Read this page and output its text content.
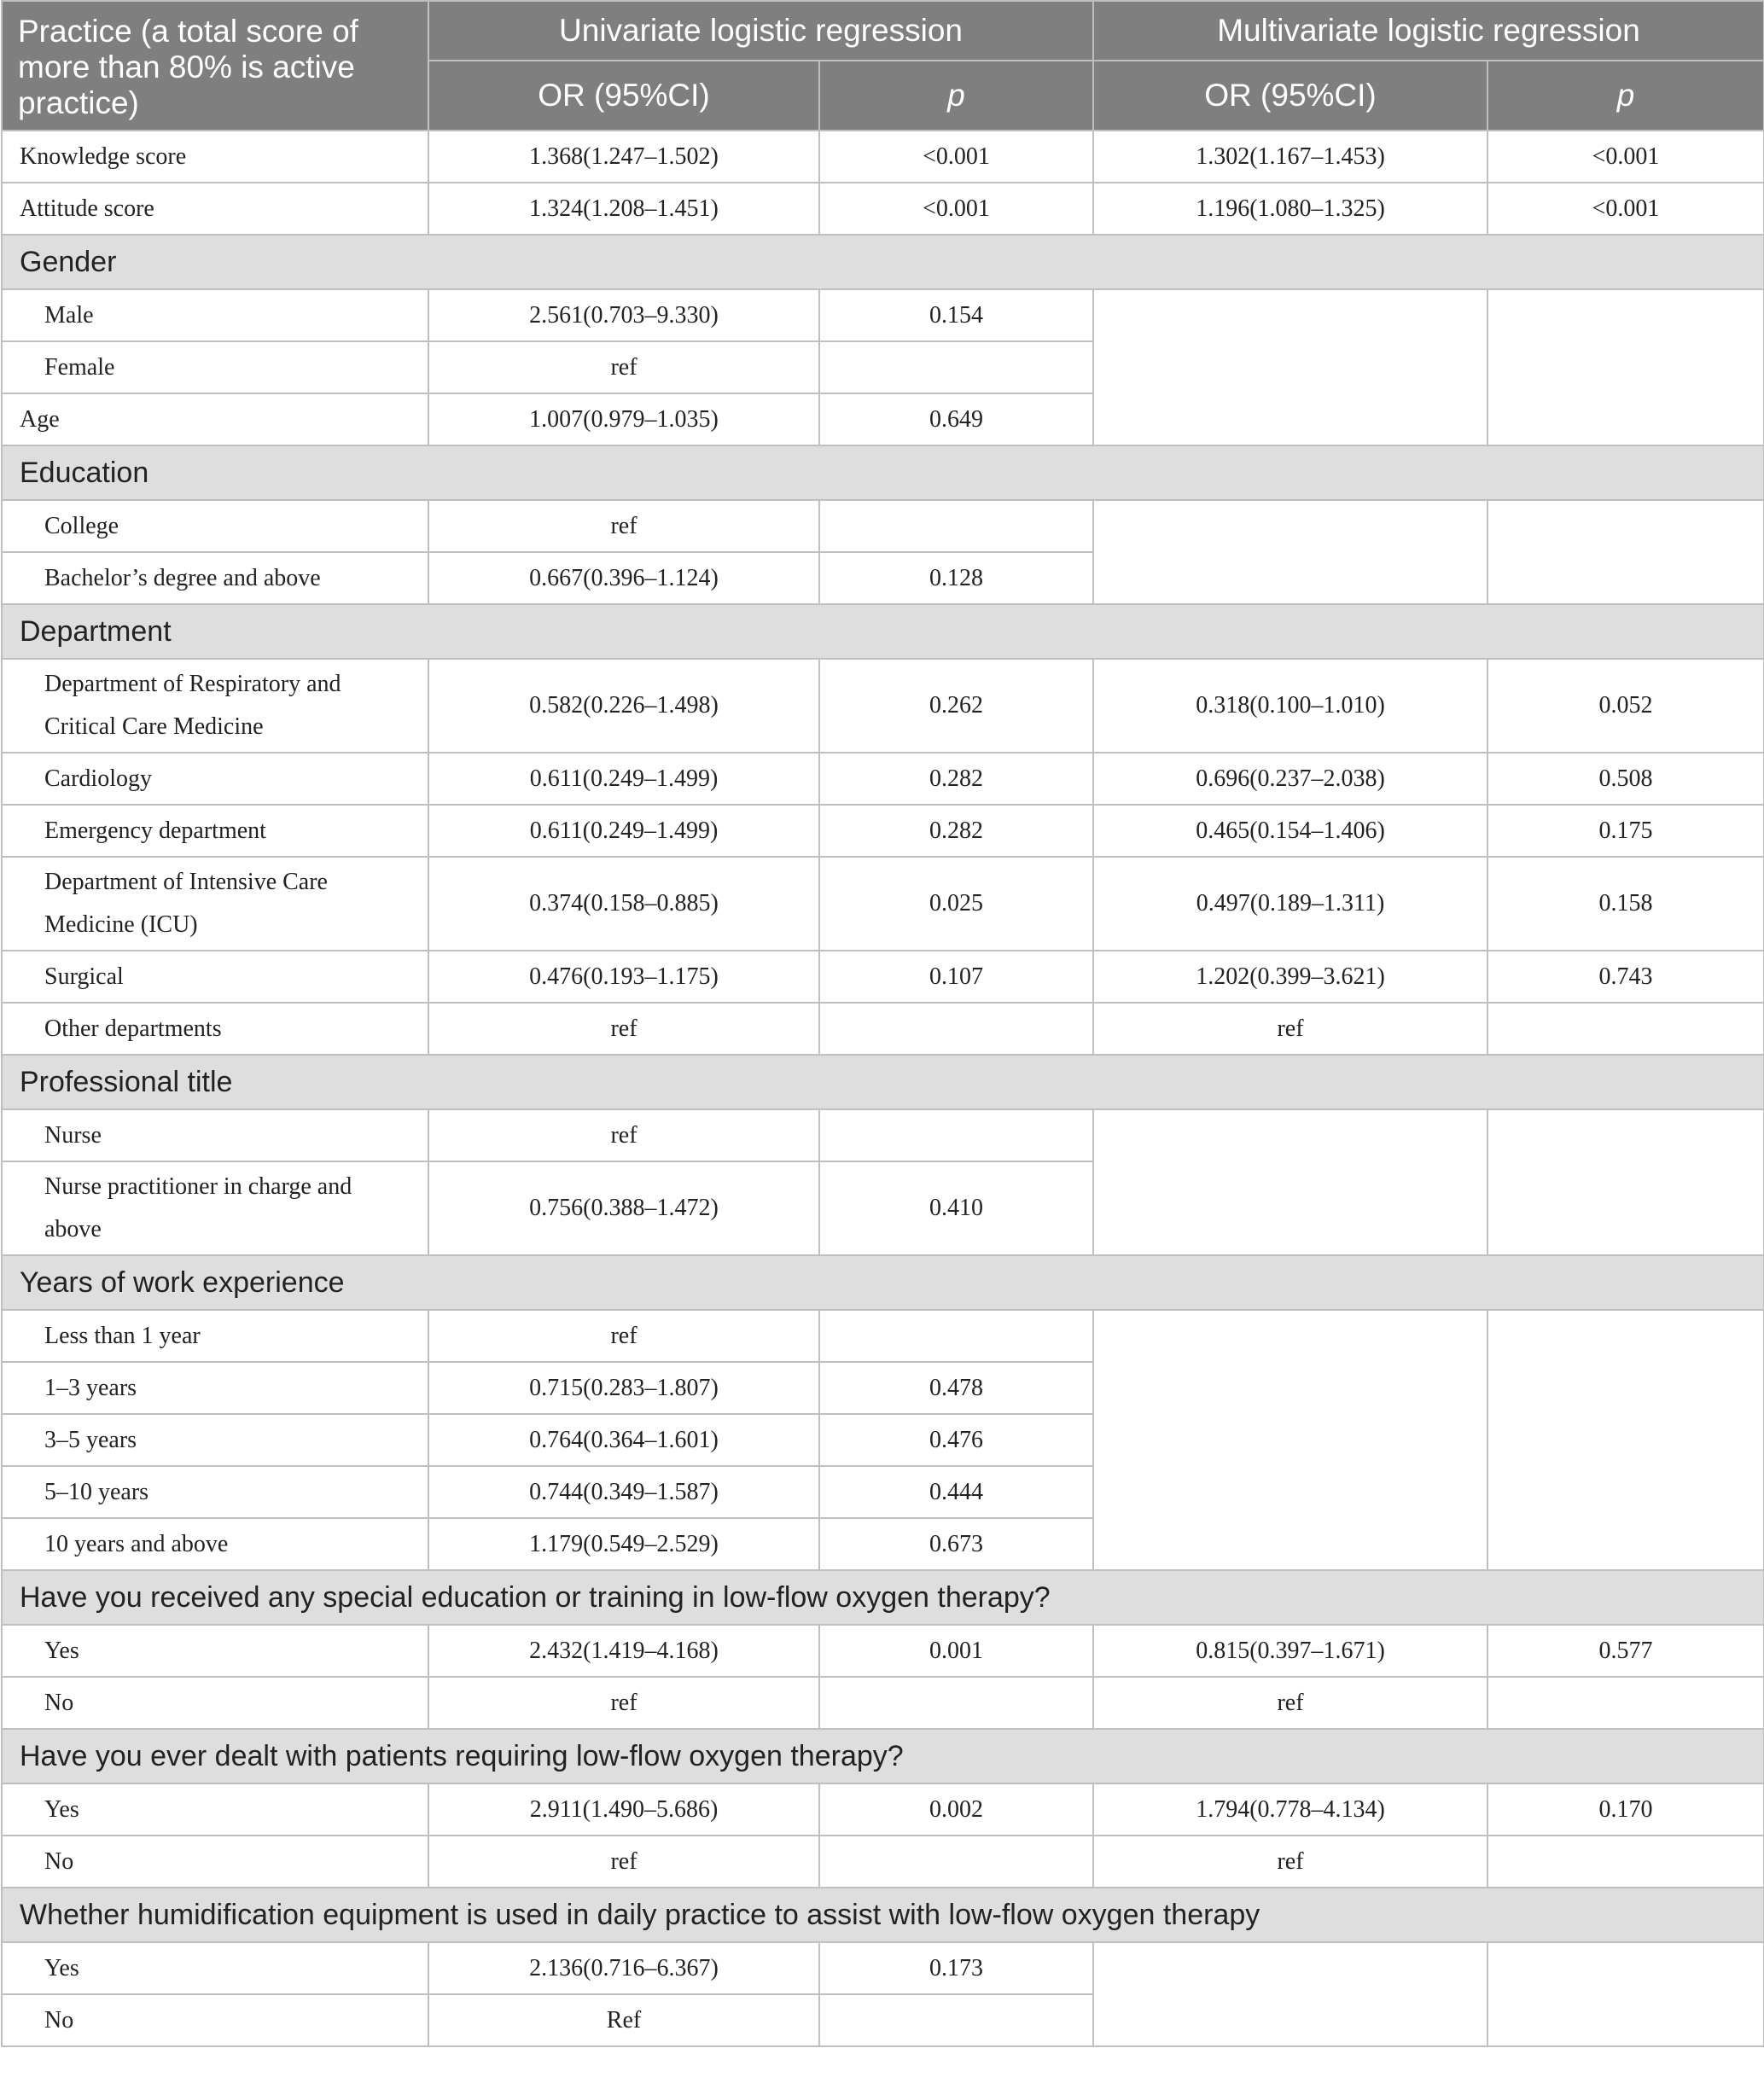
Practice (a total score of more than 80% is active practice)	Univariate logistic regression		Multivariate logistic regression	
	OR (95%CI)	p	OR (95%CI)	p
Knowledge score	1.368(1.247–1.502)	<0.001	1.302(1.167–1.453)	<0.001
Attitude score	1.324(1.208–1.451)	<0.001	1.196(1.080–1.325)	<0.001
Gender				
Male	2.561(0.703–9.330)	0.154		
Female	ref			
Age	1.007(0.979–1.035)	0.649		
Education				
College	ref			
Bachelor’s degree and above	0.667(0.396–1.124)	0.128		
Department				
Department of Respiratory and
Critical Care Medicine	0.582(0.226–1.498)	0.262	0.318(0.100–1.010)	0.052
Cardiology	0.611(0.249–1.499)	0.282	0.696(0.237–2.038)	0.508
Emergency department	0.611(0.249–1.499)	0.282	0.465(0.154–1.406)	0.175
Department of Intensive Care
Medicine (ICU)	0.374(0.158–0.885)	0.025	0.497(0.189–1.311)	0.158
Surgical	0.476(0.193–1.175)	0.107	1.202(0.399–3.621)	0.743
Other departments	ref		ref	
Professional title				
Nurse	ref			
Nurse practitioner in charge and
above	0.756(0.388–1.472)	0.410		
Years of work experience				
Less than 1 year	ref			
1–3 years	0.715(0.283–1.807)	0.478		
3–5 years	0.764(0.364–1.601)	0.476		
5–10 years	0.744(0.349–1.587)	0.444		
10 years and above	1.179(0.549–2.529)	0.673		
Have you received any special education or training in low-flow oxygen therapy?				
Yes	2.432(1.419–4.168)	0.001	0.815(0.397–1.671)	0.577
No	ref		ref	
Have you ever dealt with patients requiring low-flow oxygen therapy?				
Yes	2.911(1.490–5.686)	0.002	1.794(0.778–4.134)	0.170
No	ref		ref	
Whether humidification equipment is used in daily practice to assist with low-flow oxygen therapy				
Yes	2.136(0.716–6.367)	0.173		
No	Ref			
